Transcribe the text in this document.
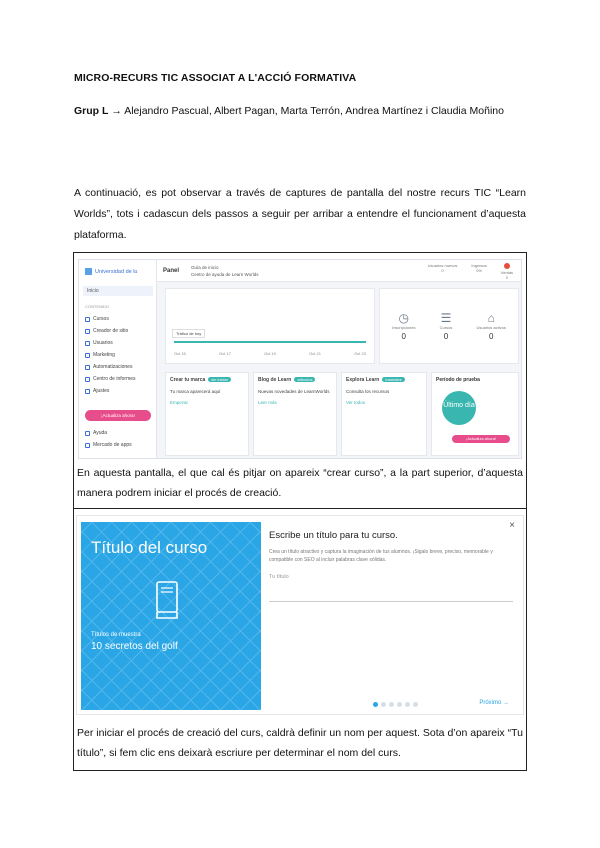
MICRO-RECURS TIC ASSOCIAT A L'ACCIÓ FORMATIVA
Grup L → Alejandro Pascual, Albert Pagan, Marta Terrón, Andrea Martínez i Claudia Moñino
A continuació, es pot observar a través de captures de pantalla del nostre recurs TIC “Learn Worlds”, tots i cadascun dels passos a seguir per arribar a entendre el funcionament d’aquesta plataforma.
Universidad de lu
Inicio
CONTENIDO
Cursos
Creador de sitio
Usuarios
Marketing
Automatizaciones
Centro de informes
Ajustes
¡Actualiza ahora!
Ayuda
Mercado de apps
Panel
Guía de inicio
Centro de ayuda de Learn Worlds
Usuarios nuevos
0
Ingresos
0%	Ventas
0
Tráfico de hoy
Oct 15	Oct 17	Oct 19	Oct 21	Oct 23
◷
Inscripciones
0
☰
Cursos
0
⌂
Usuarios activos
0
Crear tu marca sin iniciar
Tu marca aparecerá aquí
Empezar
Blog de Learn artículos
Nuevas novedades de LearnWorlds
Leer más
Explora Learn tutoriales
Consulta los recursos
Ver todos
Período de prueba
Último día
¡Actualiza ahora!
En aquesta pantalla, el que cal és pitjar on apareix “crear curso”, a la part superior, d’aquesta manera podrem iniciar el procés de creació.
Título del curso
Títulos de muestra
10 secretos del golf
×
Escribe un título para tu curso.
Crea un título atractivo y captura la imaginación de tus alumnos. ¡Sigalo breve, preciso, memorable y compatible con SEO al incluir palabras clave sólidas.
Tu título
Próximo →
Per iniciar el procés de creació del curs, caldrà definir un nom per aquest. Sota d’on apareix “Tu título”, si fem clic ens deixarà escriure per determinar el nom del curs.
